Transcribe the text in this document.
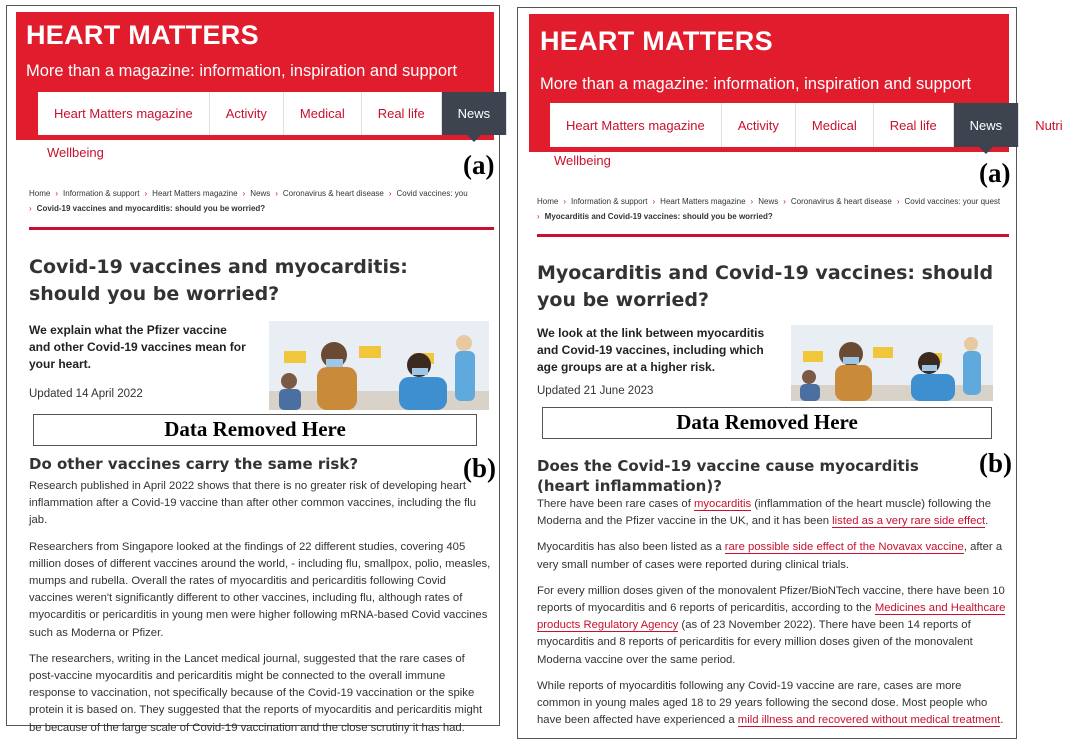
HEART MATTERS
More than a magazine: information, inspiration and support
Heart Matters magazine	Activity	Medical	Real life	News
Wellbeing	(a)
Home › Information & support › Heart Matters magazine › News › Coronavirus & heart disease › Covid vaccines: you
› Covid-19 vaccines and myocarditis: should you be worried?
Covid-19 vaccines and myocarditis: should you be worried?
We explain what the Pfizer vaccine and other Covid-19 vaccines mean for your heart.
Updated 14 April 2022
Data Removed Here
(b)
Do other vaccines carry the same risk?

Research published in April 2022 shows that there is no greater risk of developing heart inflammation after a Covid-19 vaccine than after other common vaccines, including the flu jab.

Researchers from Singapore looked at the findings of 22 different studies, covering 405 million doses of different vaccines around the world, - including flu, smallpox, polio, measles, mumps and rubella. Overall the rates of myocarditis and pericarditis following Covid vaccines weren't significantly different to other vaccines, including flu, although rates of myocarditis or pericarditis in young men were higher following mRNA-based Covid vaccines such as Moderna or Pfizer.

The researchers, writing in the Lancet medical journal, suggested that the rare cases of post-vaccine myocarditis and pericarditis might be connected to the overall immune response to vaccination, not specifically because of the Covid-19 vaccination or the spike protein it is based on. They suggested that the reports of myocarditis and pericarditis might be because of the large scale of Covid-19 vaccination and the close scrutiny it has had.

HEART MATTERS
More than a magazine: information, inspiration and support
Heart Matters magazine	Activity	Medical	Real life	News	Nutri
Wellbeing	(a)
Home › Information & support › Heart Matters magazine › News › Coronavirus & heart disease › Covid vaccines: your quest
› Myocarditis and Covid-19 vaccines: should you be worried?
Myocarditis and Covid-19 vaccines: should you be worried?
We look at the link between myocarditis and Covid-19 vaccines, including which age groups are at a higher risk.
Updated 21 June 2023
Data Removed Here
(b)
Does the Covid-19 vaccine cause myocarditis (heart inflammation)?

There have been rare cases of myocarditis (inflammation of the heart muscle) following the Moderna and the Pfizer vaccine in the UK, and it has been listed as a very rare side effect.

Myocarditis has also been listed as a rare possible side effect of the Novavax vaccine, after a very small number of cases were reported during clinical trials.

For every million doses given of the monovalent Pfizer/BioNTech vaccine, there have been 10 reports of myocarditis and 6 reports of pericarditis, according to the Medicines and Healthcare products Regulatory Agency (as of 23 November 2022). There have been 14 reports of myocarditis and 8 reports of pericarditis for every million doses given of the monovalent Moderna vaccine over the same period.

While reports of myocarditis following any Covid-19 vaccine are rare, cases are more common in young males aged 18 to 29 years following the second dose. Most people who have been affected have experienced a mild illness and recovered without medical treatment.
